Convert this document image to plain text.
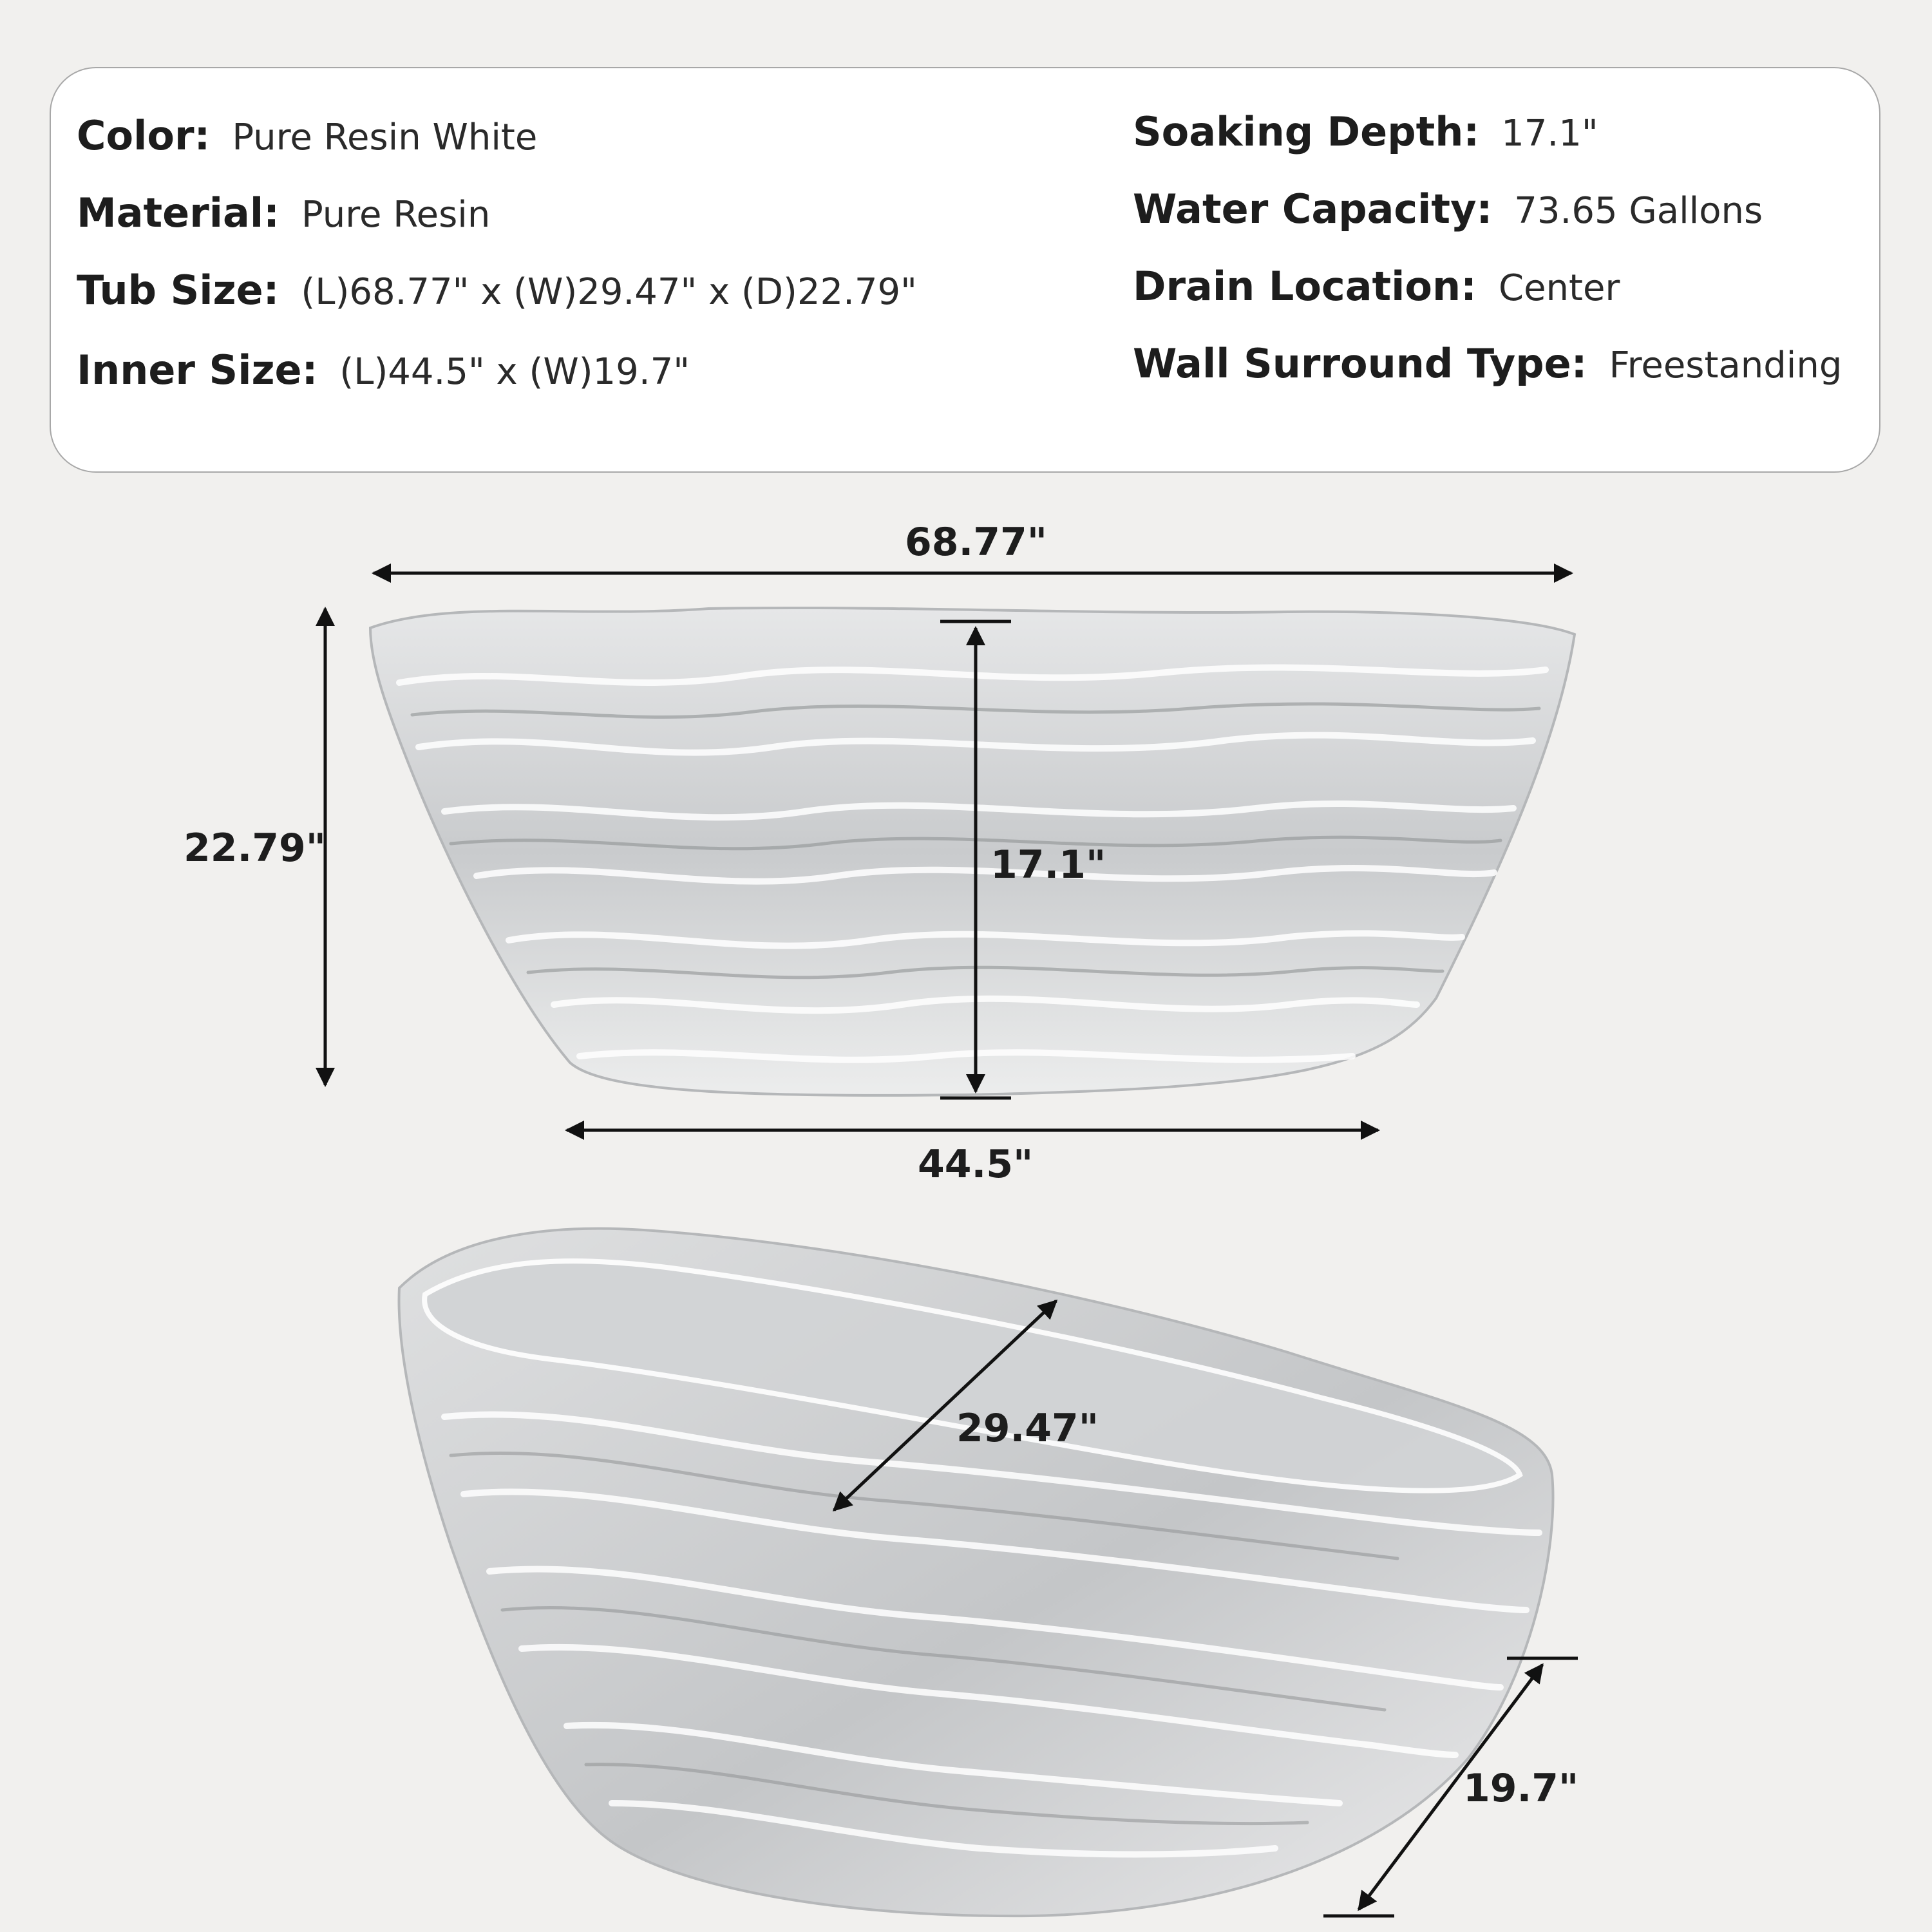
Color: Pure Resin White
Material: Pure Resin
Tub Size: (L)68.77" x (W)29.47" x (D)22.79"
Inner Size: (L)44.5" x (W)19.7"
Soaking Depth: 17.1"
Water Capacity: 73.65 Gallons
Drain Location: Center
Wall Surround Type: Freestanding
68.77"
22.79"	17.1"
44.5"
29.47"
19.7"
